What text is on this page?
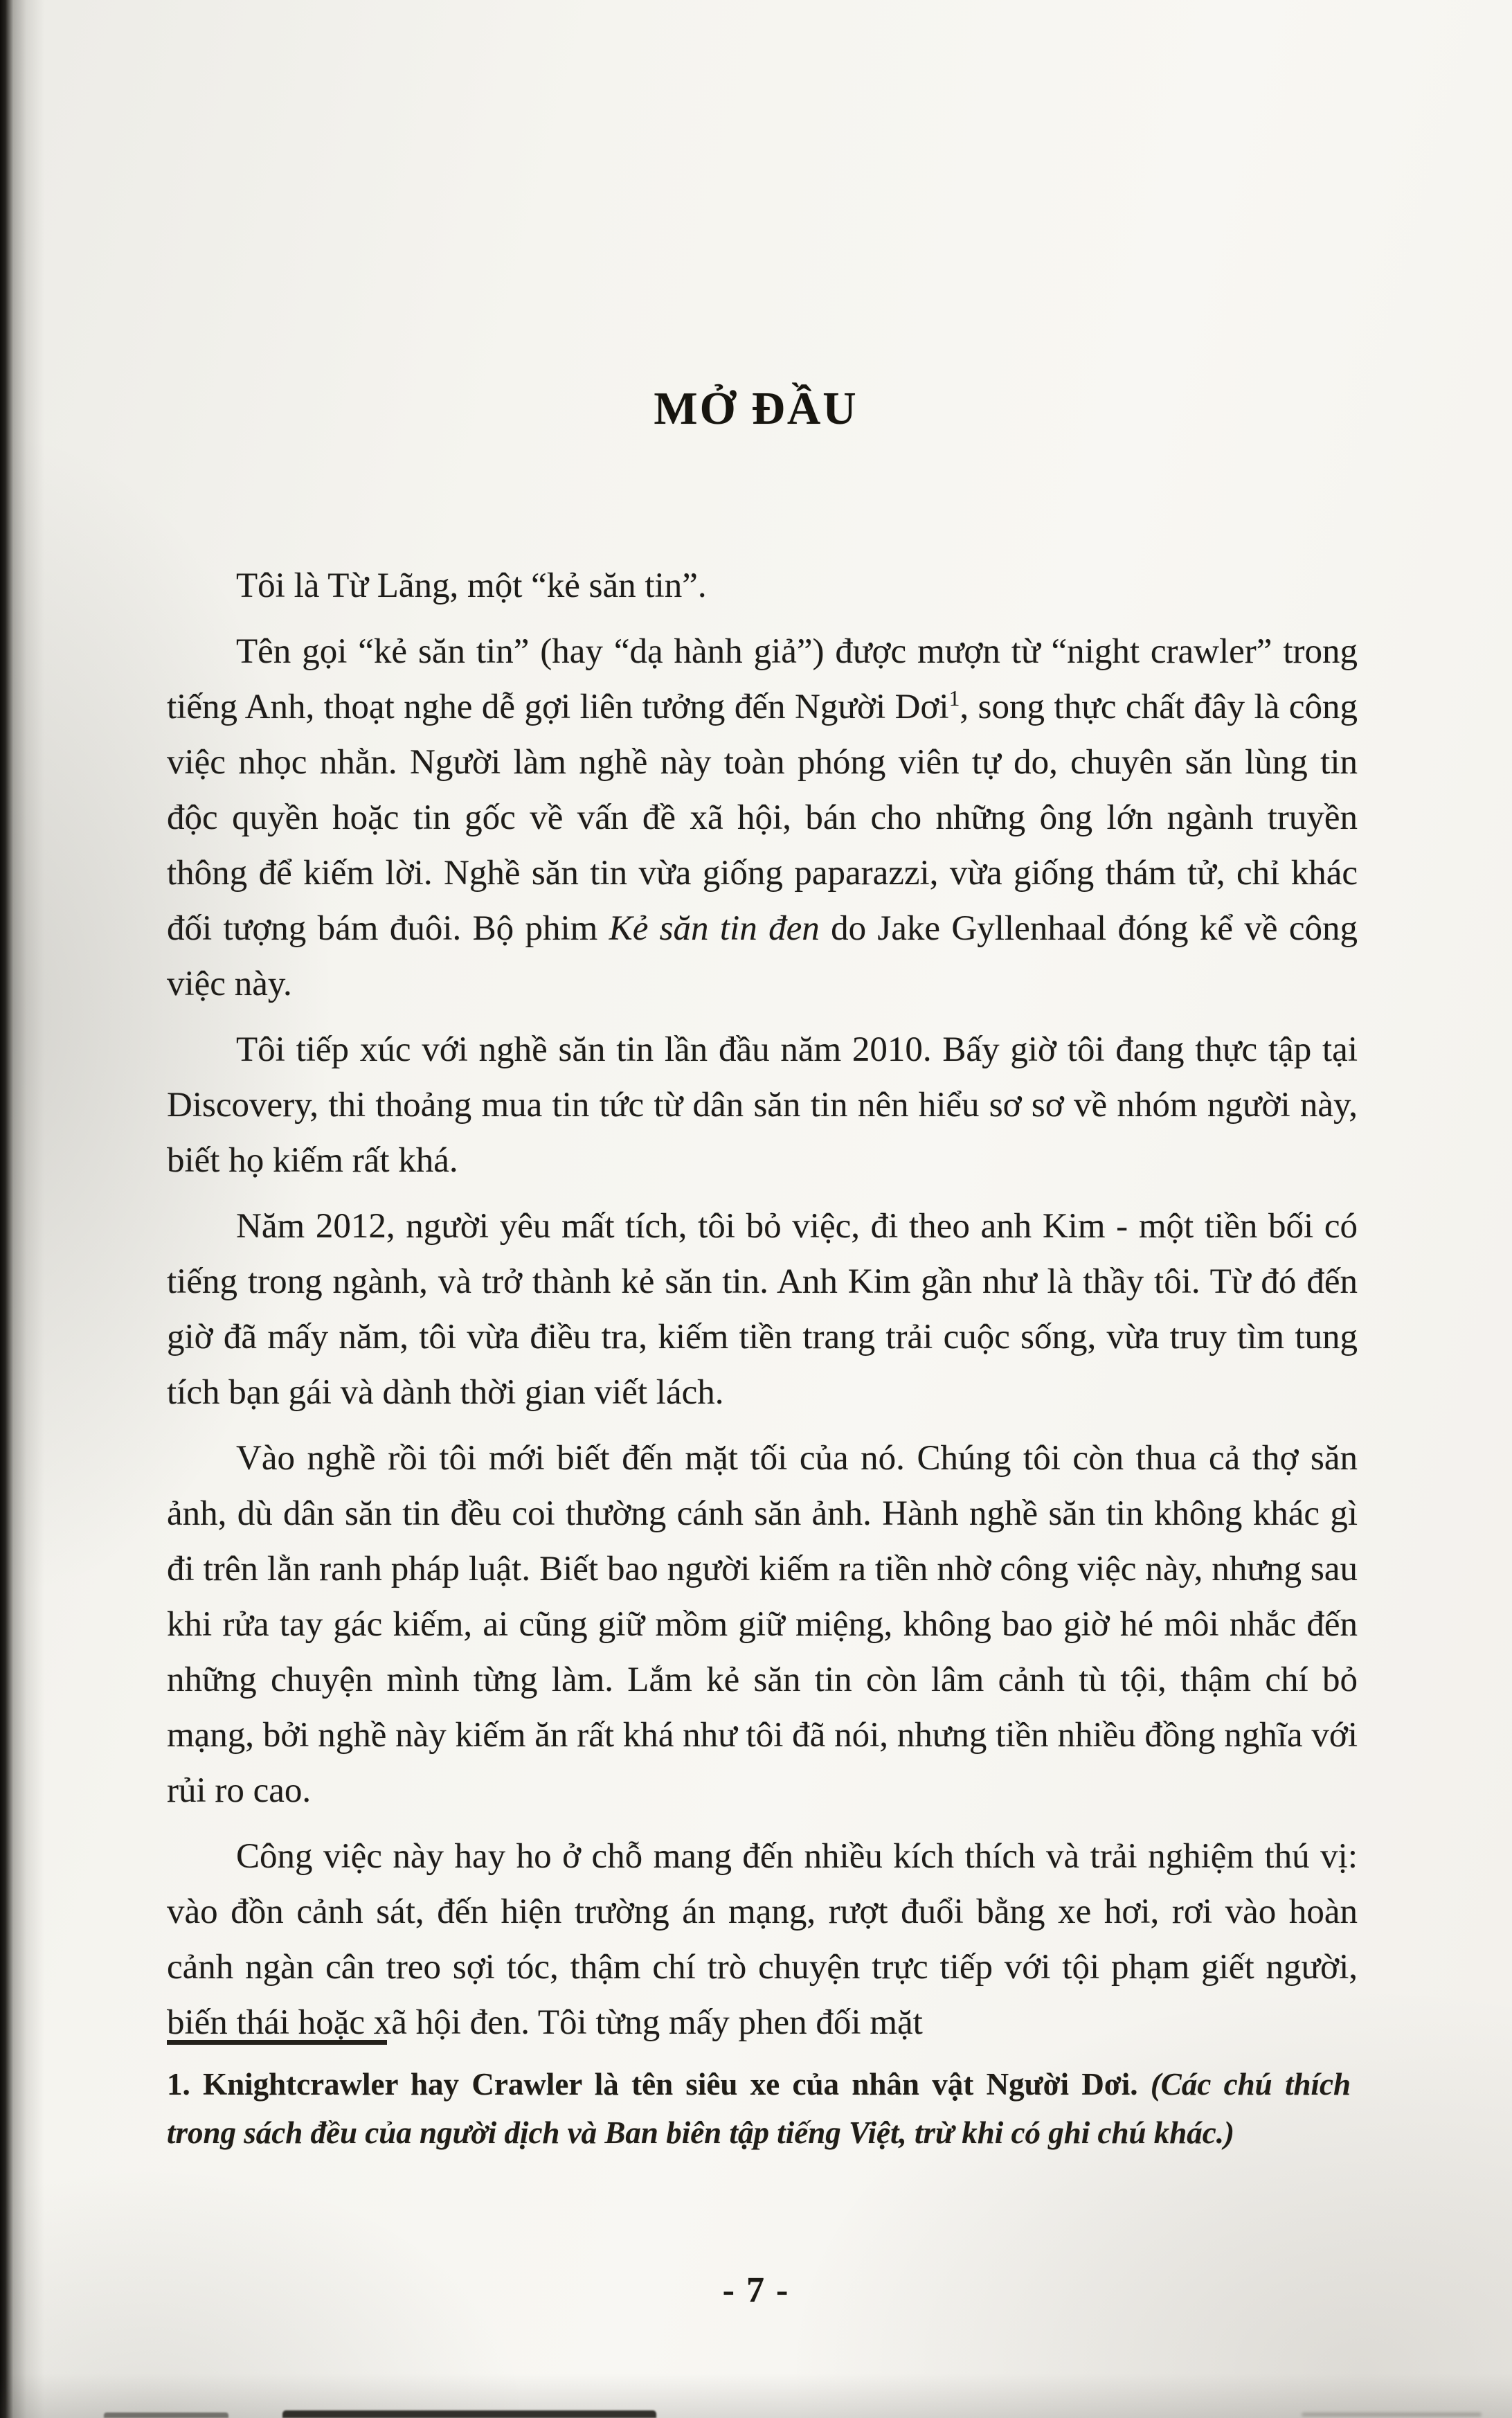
MỞ ĐẦU

Tôi là Từ Lãng, một “kẻ săn tin”.

Tên gọi “kẻ săn tin” (hay “dạ hành giả”) được mượn từ “night crawler” trong tiếng Anh, thoạt nghe dễ gợi liên tưởng đến Người Dơi$^1$, song thực chất đây là công việc nhọc nhằn. Người làm nghề này toàn phóng viên tự do, chuyên săn lùng tin độc quyền hoặc tin gốc về vấn đề xã hội, bán cho những ông lớn ngành truyền thông để kiếm lời. Nghề săn tin vừa giống paparazzi, vừa giống thám tử, chỉ khác đối tượng bám đuôi. Bộ phim Kẻ săn tin đen do Jake Gyllenhaal đóng kể về công việc này.

Tôi tiếp xúc với nghề săn tin lần đầu năm 2010. Bấy giờ tôi đang thực tập tại Discovery, thi thoảng mua tin tức từ dân săn tin nên hiểu sơ sơ về nhóm người này, biết họ kiếm rất khá.

Năm 2012, người yêu mất tích, tôi bỏ việc, đi theo anh Kim - một tiền bối có tiếng trong ngành, và trở thành kẻ săn tin. Anh Kim gần như là thầy tôi. Từ đó đến giờ đã mấy năm, tôi vừa điều tra, kiếm tiền trang trải cuộc sống, vừa truy tìm tung tích bạn gái và dành thời gian viết lách.

Vào nghề rồi tôi mới biết đến mặt tối của nó. Chúng tôi còn thua cả thợ săn ảnh, dù dân săn tin đều coi thường cánh săn ảnh. Hành nghề săn tin không khác gì đi trên lằn ranh pháp luật. Biết bao người kiếm ra tiền nhờ công việc này, nhưng sau khi rửa tay gác kiếm, ai cũng giữ mồm giữ miệng, không bao giờ hé môi nhắc đến những chuyện mình từng làm. Lắm kẻ săn tin còn lâm cảnh tù tội, thậm chí bỏ mạng, bởi nghề này kiếm ăn rất khá như tôi đã nói, nhưng tiền nhiều đồng nghĩa với rủi ro cao.

Công việc này hay ho ở chỗ mang đến nhiều kích thích và trải nghiệm thú vị: vào đồn cảnh sát, đến hiện trường án mạng, rượt đuổi bằng xe hơi, rơi vào hoàn cảnh ngàn cân treo sợi tóc, thậm chí trò chuyện trực tiếp với tội phạm giết người, biến thái hoặc xã hội đen. Tôi từng mấy phen đối mặt

1. Knightcrawler hay Crawler là tên siêu xe của nhân vật Người Dơi. (Các chú thích trong sách đều của người dịch và Ban biên tập tiếng Việt, trừ khi có ghi chú khác.)

- 7 -
